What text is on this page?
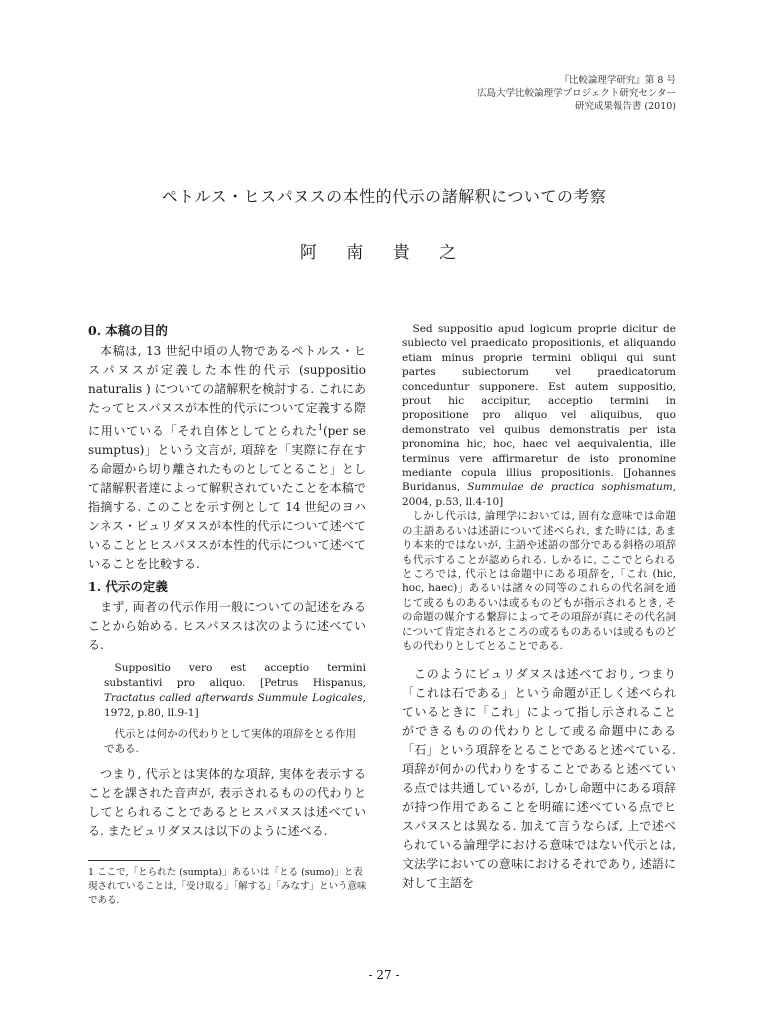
『比較論理学研究』第 8 号
広島大学比較論理学プロジェクト研究センター
研究成果報告書 (2010)
ペトルス・ヒスパヌスの本性的代示の諸解釈についての考察
阿 南 貴 之
0. 本稿の目的

本稿は, 13 世紀中頃の人物であるペトルス・ヒスパヌスが定義した本性的代示 (suppositio naturalis ) についての諸解釈を検討する. これにあたってヒスパヌスが本性的代示について定義する際に用いている「それ自体としてとられた$^1$(per se sumptus)」という文言が, 項辞を「実際に存在する命題から切り離されたものとしてとること」として諸解釈者達によって解釈されていたことを本稿で指摘する. このことを示す例として 14 世紀のヨハンネス・ビュリダヌスが本性的代示について述べていることとヒスパヌスが本性的代示について述べていることを比較する.

1. 代示の定義

まず, 両者の代示作用一般についての記述をみることから始める. ヒスパヌスは次のように述べている.

Suppositio vero est acceptio termini substantivi pro aliquo. [Petrus Hispanus, Tractatus called afterwards Summule Logicales, 1972, p.80, ll.9-1]

代示とは何かの代わりとして実体的項辞をとる作用である.

つまり, 代示とは実体的な項辞, 実体を表示することを課された音声が, 表示されるものの代わりとしてとられることであるとヒスパヌスは述べている. またビュリダヌスは以下のように述べる.

Sed suppositio apud logicum proprie dicitur de subiecto vel praedicato propositionis, et aliquando etiam minus proprie termini obliqui qui sunt partes subiectorum vel praedicatorum conceduntur supponere. Est autem suppositio, prout hic accipitur, acceptio termini in propositione pro aliquo vel aliquibus, quo demonstrato vel quibus demonstratis per ista pronomina hic, hoc, haec vel aequivalentia, ille terminus vere affirmaretur de isto pronomine mediante copula illius propositionis. [Johannes Buridanus, Summulae de practica sophismatum, 2004, p.53, ll.4-10]

しかし代示は, 論理学においては, 固有な意味では命題の主語あるいは述語について述べられ, また時には, あまり本来的ではないが, 主語や述語の部分である斜格の項辞も代示することが認められる. しかるに, ここでとられるところでは, 代示とは命題中にある項辞を,「これ (hic, hoc, haec)」あるいは諸々の同等のこれらの代名詞を通じて或るものあるいは或るものどもが指示されるとき, その命題の媒介する繋辞によってその項辞が真にその代名詞について肯定されるところの或るものあるいは或るものどもの代わりとしてとることである.

このようにビュリダヌスは述べており, つまり「これは石である」という命題が正しく述べられているときに「これ」によって指し示されることができるものの代わりとして或る命題中にある「石」という項辞をとることであると述べている. 項辞が何かの代わりをすることであると述べている点では共通しているが, しかし命題中にある項辞が持つ作用であることを明確に述べている点でヒスパヌスとは異なる. 加えて言うならば, 上で述べられている論理学における意味ではない代示とは, 文法学においての意味におけるそれであり, 述語に対して主語を

1 ここで,「とられた (sumpta)」あるいは「とる (sumo)」と表現されていることは,「受け取る」「解する」「みなす」という意味である.
- 27 -
